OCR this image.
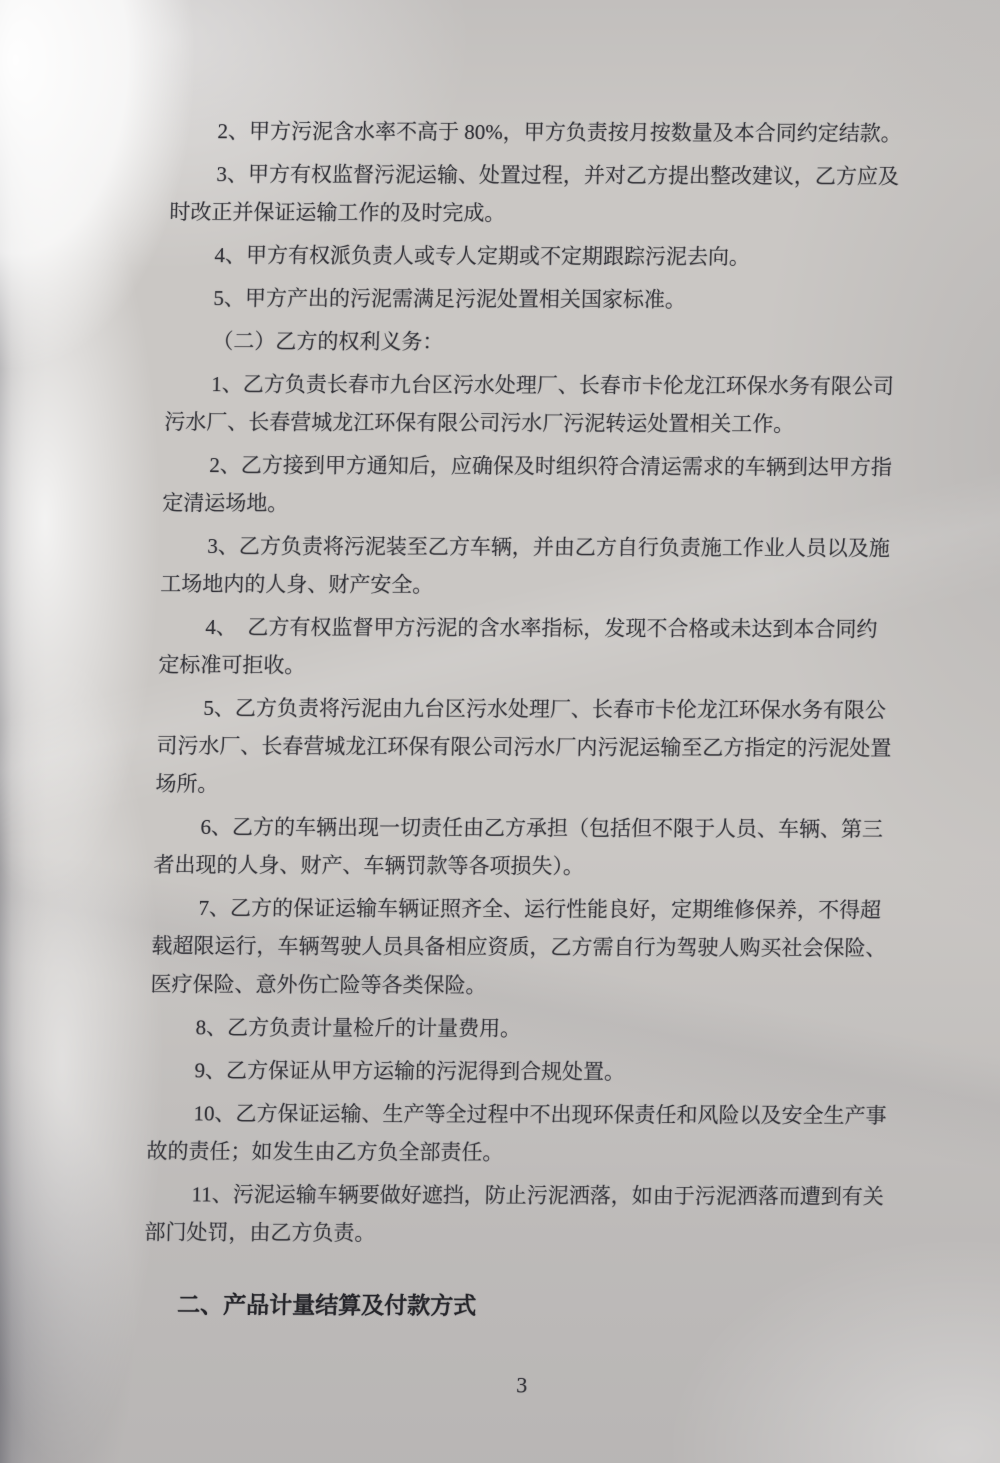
2、甲方污泥含水率不高于 80%，甲方负责按月按数量及本合同约定结款。
3、甲方有权监督污泥运输、处置过程，并对乙方提出整改建议，乙方应及
时改正并保证运输工作的及时完成。
4、甲方有权派负责人或专人定期或不定期跟踪污泥去向。
5、甲方产出的污泥需满足污泥处置相关国家标准。
（二）乙方的权利义务：
1、乙方负责长春市九台区污水处理厂、长春市卡伦龙江环保水务有限公司
污水厂、长春营城龙江环保有限公司污水厂污泥转运处置相关工作。
2、乙方接到甲方通知后，应确保及时组织符合清运需求的车辆到达甲方指
定清运场地。
3、乙方负责将污泥装至乙方车辆，并由乙方自行负责施工作业人员以及施
工场地内的人身、财产安全。
4、  乙方有权监督甲方污泥的含水率指标，发现不合格或未达到本合同约
定标准可拒收。
5、乙方负责将污泥由九台区污水处理厂、长春市卡伦龙江环保水务有限公
司污水厂、长春营城龙江环保有限公司污水厂内污泥运输至乙方指定的污泥处置
场所。
6、乙方的车辆出现一切责任由乙方承担（包括但不限于人员、车辆、第三
者出现的人身、财产、车辆罚款等各项损失）。
7、乙方的保证运输车辆证照齐全、运行性能良好，定期维修保养，不得超
载超限运行，车辆驾驶人员具备相应资质，乙方需自行为驾驶人购买社会保险、
医疗保险、意外伤亡险等各类保险。
8、乙方负责计量检斤的计量费用。
9、乙方保证从甲方运输的污泥得到合规处置。
10、乙方保证运输、生产等全过程中不出现环保责任和风险以及安全生产事
故的责任；如发生由乙方负全部责任。
11、污泥运输车辆要做好遮挡，防止污泥洒落，如由于污泥洒落而遭到有关
部门处罚，由乙方负责。
二、产品计量结算及付款方式
3
